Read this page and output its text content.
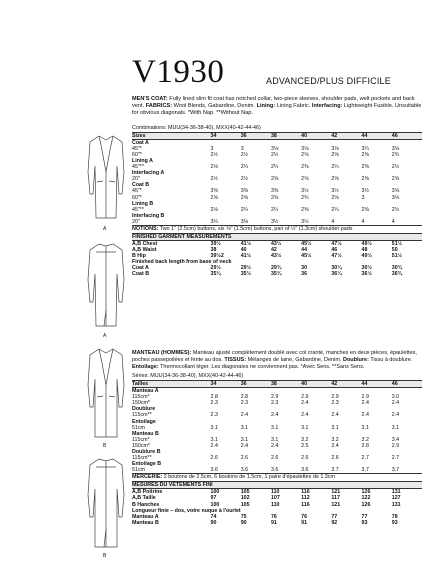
A
A
B
B
V1930	ADVANCED/PLUS DIFFICILE
MEN'S COAT: Fully lined slim fit coat has notched collar, two-piece sleeves, shoulder pads, welt pockets and back vent. FABRICS: Wool Blends, Gabardine, Denim. Lining: Lining Fabric. Interfacing: Lightweight Fusible. Unsuitable for obvious diagonals. *With Nap. **Without Nap.
Combinations: MUU(34-36-38-40), MXX(40-42-44-46)
Sizes	34	36	38	40	42	44	46
Coat A							
45"*	3	3	3⅛	3⅛	3⅛	3¼	3⅛
60"*	2½	2½	2½	2⅝	2⅝	2⅝	2¾
Lining A							
45"**	2⅛	2¼	2¼	2⅜	2¼	2⅜	2½
Interfacing A							
20"	2½	2½	2⅝	2⅝	2⅝	2⅝	2⅝
Coat B							
45"*	3⅜	3⅜	3⅜	3½	3½	3½	3⅝
60"*	2⅝	2⅝	2⅝	2¾	2⅝	3	3⅛
Lining B							
45"**	2⅛	2¼	2¼	2⅜	2¼	2⅜	2½
Interfacing B							
20"	3¼	3⅛	3½	3½	4	4	4
NOTIONS: Two 1" (2.5cm) buttons, six ⅝" (1.5cm) buttons, pair of ½" (1.3cm) shoulder pads
FINISHED GARMENT MEASUREMENTS
A,B Chest	39½	41½	43½	45½	47½	49½	51½
A,B Waist	38	40	42	44	46	48	50
B Hip	39½2	41½	43½	45½	47½	49½	51½
Finished back length from base of neck							
Coat A	29½	29½	29¾	30	30¼	30½	30¾
Coat B	35¼	35½	35¾	36	36¼	36½	36¾
MANTEAU (HOMMES): Manteau ajusté complètement doublé avec col cranté, manches en deux pièces, épaulettes, poches passepoilées et fente au dos. TISSUS: Mélanges de laine, Gabardine, Denim. Doublure: Tissu à doublure. Entoilage: Thermocollant léger. Les diagonales ne conviennent pas. *Avec Sens. **Sans Sens.
Séries: MUU(34-36-38-40), MXX(40-42-44-46)
Tailles	34	36	38	40	42	44	46
Manteau A							
115cm*	2.8	2.8	2.9	2.9	2.9	2.9	3.0
150cm*	2.3	2.3	2.3	2.4	2.3	2.4	2.4
Doublure							
115cm**	2.3	2.4	2.4	2.4	2.4	2.4	2.4
Entoilage							
51cm	3.1	3.1	3.1	3.1	3.1	3.1	3.1
Manteau B							
115cm*	3.1	3.1	3.1	3.2	3.2	3.2	3.4
150cm*	2.4	2.4	2.4	2.5	2.4	2.8	2.9
Doublure B							
115cm**	2.6	2.6	2.6	2.6	2.6	2.7	2.7
Entoilage B							
51cm	3.6	3.6	3.6	3.6	3.7	3.7	3.7
MERCERIE: 2 boutons de 2.5cm, 6 boutons de 1.5cm, 1 paire d'épaulettes de 1.3cm
MESURES DU VÊTEMENTS FINI
A,B Poitrine	100	105	110	116	121	126	131
A,B Taille	97	102	107	112	117	122	127
B Hanches	100	105	110	116	121	126	131
Longueur finie – dos, votre nuque à l'ourlet							
Manteau A	74	75	76	76	77	77	78
Manteau B	90	90	91	91	92	93	93
